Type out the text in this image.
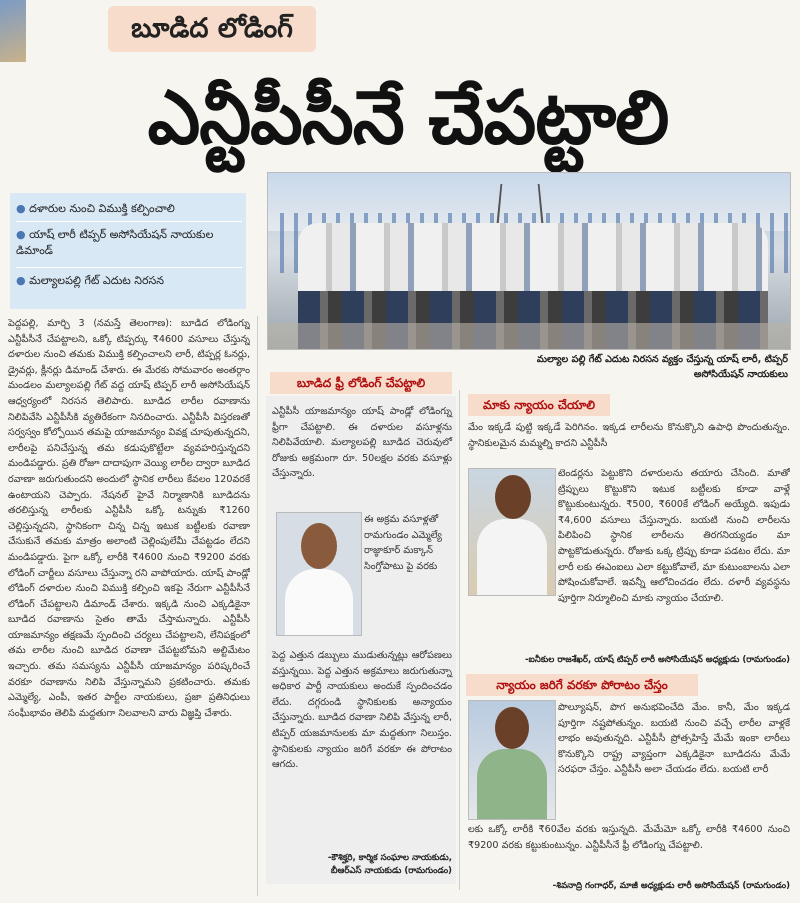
బూడిద లోడింగ్
ఎన్టీపీసీనే చేపట్టాలి
● దళారుల నుంచి విముక్తి కల్పించాలి
● యాష్ లారీ టిప్పర్ అసోసియేషన్ నాయకుల డిమాండ్
● మల్యాలపల్లి గేట్ ఎదుట నిరసన
పెద్దపల్లి, మార్చి 3 (నమస్తే తెలంగాణ): బూడిద లోడింగ్ను ఎన్టీపీసీనే చేపట్టాలని, ఒక్కో టిప్పర్కు ₹4600 వసూలు చేస్తున్న దళారుల నుంచి తమకు విముక్తి కల్పించాలని లారీ, టిప్పర్ల ఓనర్లు, డ్రైవర్లు, క్లీనర్లు డిమాండ్ చేశారు. ఈ మేరకు సోమవారం అంతర్గాం మండలం మల్యాలపల్లి గేట్ వద్ద యాష్ టిప్పర్ లారీ అసోసియేషన్ ఆధ్వర్యంలో నిరసన తెలిపారు. బూడిద లారీల రవాణాను నిలిపివేసి ఎన్టీపీసీకి వ్యతిరేకంగా నినదించారు. ఎన్టీపీసీ విస్తరణతో సర్వస్వం కోల్పోయిన తమపై యాజమాన్యం వివక్ష చూపుతున్నదని, లారీలపై పనిచేస్తున్న తమ కడుపుకొట్టేలా వ్యవహరిస్తున్నదని మండిపడ్డారు. ప్రతి రోజూ దాదాపుగా వెయ్యి లారీల ద్వారా బూడిద రవాణా జరుగుతుందని అందులో స్థానిక లారీలు కేవలం 120వరకే ఉంటాయని చెప్పారు. నేషనల్ హైవే నిర్మాణానికి బూడిదను తరలిస్తున్న లారీలకు ఎన్టీపీసీ ఒక్కో టన్నుకు ₹1260 చెల్లిస్తున్నదని, స్థానికంగా చిన్న చిన్న ఇటుక బట్టీలకు రవాణా చేసుకునే తమకు మాత్రం అలాంటి చెల్లింపులేమీ చేపట్టడం లేదని మండిపడ్డారు. పైగా ఒక్కో లారీకి ₹4600 నుంచి ₹9200 వరకు లోడింగ్ చార్జీలు వసూలు చేస్తున్నా రని వాపోయారు. యాష్ పాండ్లో లోడింగ్ దళారుల నుంచి విముక్తి కల్పించి ఇకపై నేరుగా ఎన్టీపీసీనే లోడింగ్ చేపట్టాలని డిమాండ్ చేశారు. ఇక్కడి నుంచి ఎక్కడికైనా బూడిద రవాణాను సైతం తామే చేస్తామన్నారు. ఎన్టీపీసీ యాజమాన్యం తక్షణమే స్పందించి చర్యలు చేపట్టాలని, లేనిపక్షంలో తమ లారీల నుంచి బూడిద రవాణా చేపట్టబోమని అల్టిమేటం ఇచ్చారు. తమ సమస్యను ఎన్టీపీసీ యాజమాన్యం పరిష్కరించే వరకూ రవాణాను నిలిపి వేస్తున్నామని ప్రకటించారు. తమకు ఎమ్మెల్యే, ఎంపీ, ఇతర పార్టీల నాయకులు, ప్రజా ప్రతినిధులు సంఘీభావం తెలిపి మద్దతుగా నిలవాలని వారు విజ్ఞప్తి చేశారు.
మల్యాల పల్లి గేట్ ఎదుట నిరసన వ్యక్తం చేస్తున్న యాష్ లారీ, టిప్పర్ అసోసియేషన్ నాయకులు
బూడిద ఫ్రీ లోడింగ్ చేపట్టాలి
ఎన్టీపీసీ యాజమాన్యం యాష్ పాండ్లో లోడింగ్ను ఫ్రీగా చేపట్టాలి. ఈ దళారుల వసూళ్లను నిలిపివేయాలి. మల్యాలపల్లి బూడిద చెరువులో రోజుకు అక్రమంగా రూ. 50లక్షల వరకు వసూళ్లు చేస్తున్నారు.
ఈ అక్రమ వసూళ్లతో రామగుండం ఎమ్మెల్యే రాజ్ఠాకూర్ మక్కాన్ సింగ్తోపాటు పై వరకు
పెద్ద ఎత్తున డబ్బులు ముడుతున్నట్లు ఆరోపణలు వస్తున్నయి. పెద్ద ఎత్తున అక్రమాలు జరుగుతున్నా అధికార పార్టీ నాయకులు అందుకే స్పందించడం లేదు. దగ్గరుండి స్థానికులకు అన్యాయం చేస్తున్నారు. బూడిద రవాణా నిలిపి వేస్తున్న లారీ, టిప్పర్ యజమానులకు మా మద్దతుగా నిలుస్తం. స్థానికులకు న్యాయం జరిగే వరకూ ఈ పోరాటం ఆగదు.
-కౌశిక్హరి, కార్మిక సంఘాల నాయకుడు,
బీఆర్ఎస్ నాయకుడు (రామగుండం)
మాకు న్యాయం చేయాలి
మేం ఇక్కడే పుట్టి ఇక్కడే పెరిగినం. ఇక్కడ లారీలను కొనుక్కొని ఉపాధి పొందుతున్నం. స్థానికులమైన మమ్మల్ని కాదని ఎన్టీపీసీ
టెండర్లను పెట్టుకొని దళారులను తయారు చేసింది. మాతో ట్రిప్పులు కొట్టుకొని ఇటుక బట్టీలకు కూడా వాళ్లే కొట్టుకుంటున్నరు. ₹500, ₹600కే లోడింగ్ అయ్యేది. ఇపుడు ₹4,600 వసూలు చేస్తున్నారు. బయటి నుంచి లారీలను పిలిపించి స్థానిక లారీలను తిరగనియ్యడం మా పొట్టకొడుతున్నరు. రోజుకు ఒక్క ట్రిప్పు కూడా పడటం లేదు. మా లారీ లకు ఈఎంఐలు ఎలా కట్టుకోవాలే, మా కుటుంబాలను ఎలా పోషించుకోవాలే. ఇవన్నీ ఆలోచించడం లేదు. దళారీ వ్యవస్థను పూర్తిగా నిర్మూలించి మాకు న్యాయం చేయాలి.
-ఐనీకుల రాజశేఖర్, యాష్ టిప్పర్ లారీ అసోసియేషన్ అధ్యక్షుడు (రామగుండం)
న్యాయం జరిగే వరకూ పోరాటం చేస్తం
పొల్యూషన్, పొగ అనుభవించేది మేం. కానీ, మేం ఇక్కడ పూర్తిగా నష్టపోతున్నం. బయటి నుంచి వచ్చే లారీల వాళ్లకే లాభం అవుతున్నది. ఎన్టీపీసీ ప్రోత్సహిస్తే మేమే ఇంకా లారీలు కొనుక్కొని రాష్ట్ర వ్యాప్తంగా ఎక్కడికైనా బూడిదను మేమే సరఫరా చేస్తం. ఎన్టీపీసీ అలా చేయడం లేదు. బయటి లారీ
లకు ఒక్కో లారీకి ₹60వేల వరకు ఇస్తున్నది. మేమేమో ఒక్కో లారీకి ₹4600 నుంచి ₹9200 వరకు కట్టుకుంటున్నం. ఎన్టీపీసీనే ఫ్రీ లోడింగ్ను చేపట్టాలి.
-శివనాద్రి గంగాధర్, మాజీ అధ్యక్షుడు లారీ అసోసియేషన్ (రామగుండం)
